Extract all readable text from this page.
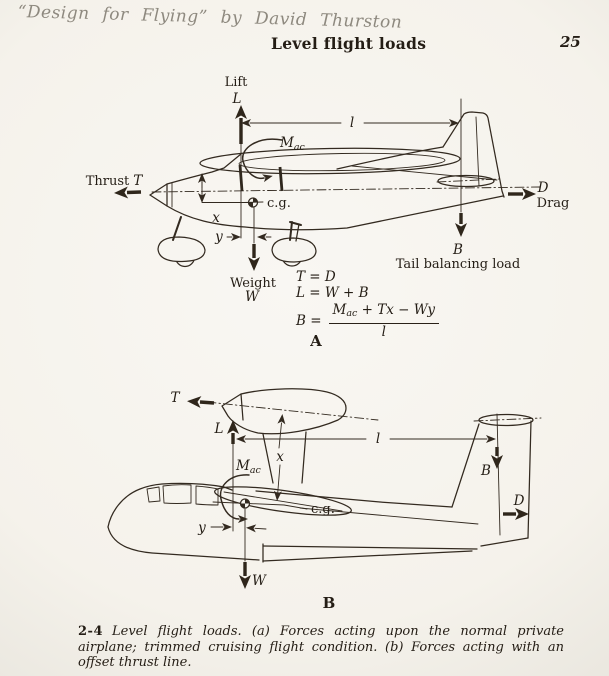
“Design for Flying” by David Thurston
Level flight loads	25
Thrust T
Lift
L
l
Mac
c.g.
x
y
Weight
W
B
Tail balancing load
D
Drag
A
T
L
l
x
Mac
c.g.
y
W
B
D
B
T = D
L = W + B
$B = \frac{M_{ac} + Tx - Wy}{l}$
2-4 Level flight loads. (a) Forces acting upon the normal private airplane; trimmed cruising flight condition. (b) Forces acting with an offset thrust line.
